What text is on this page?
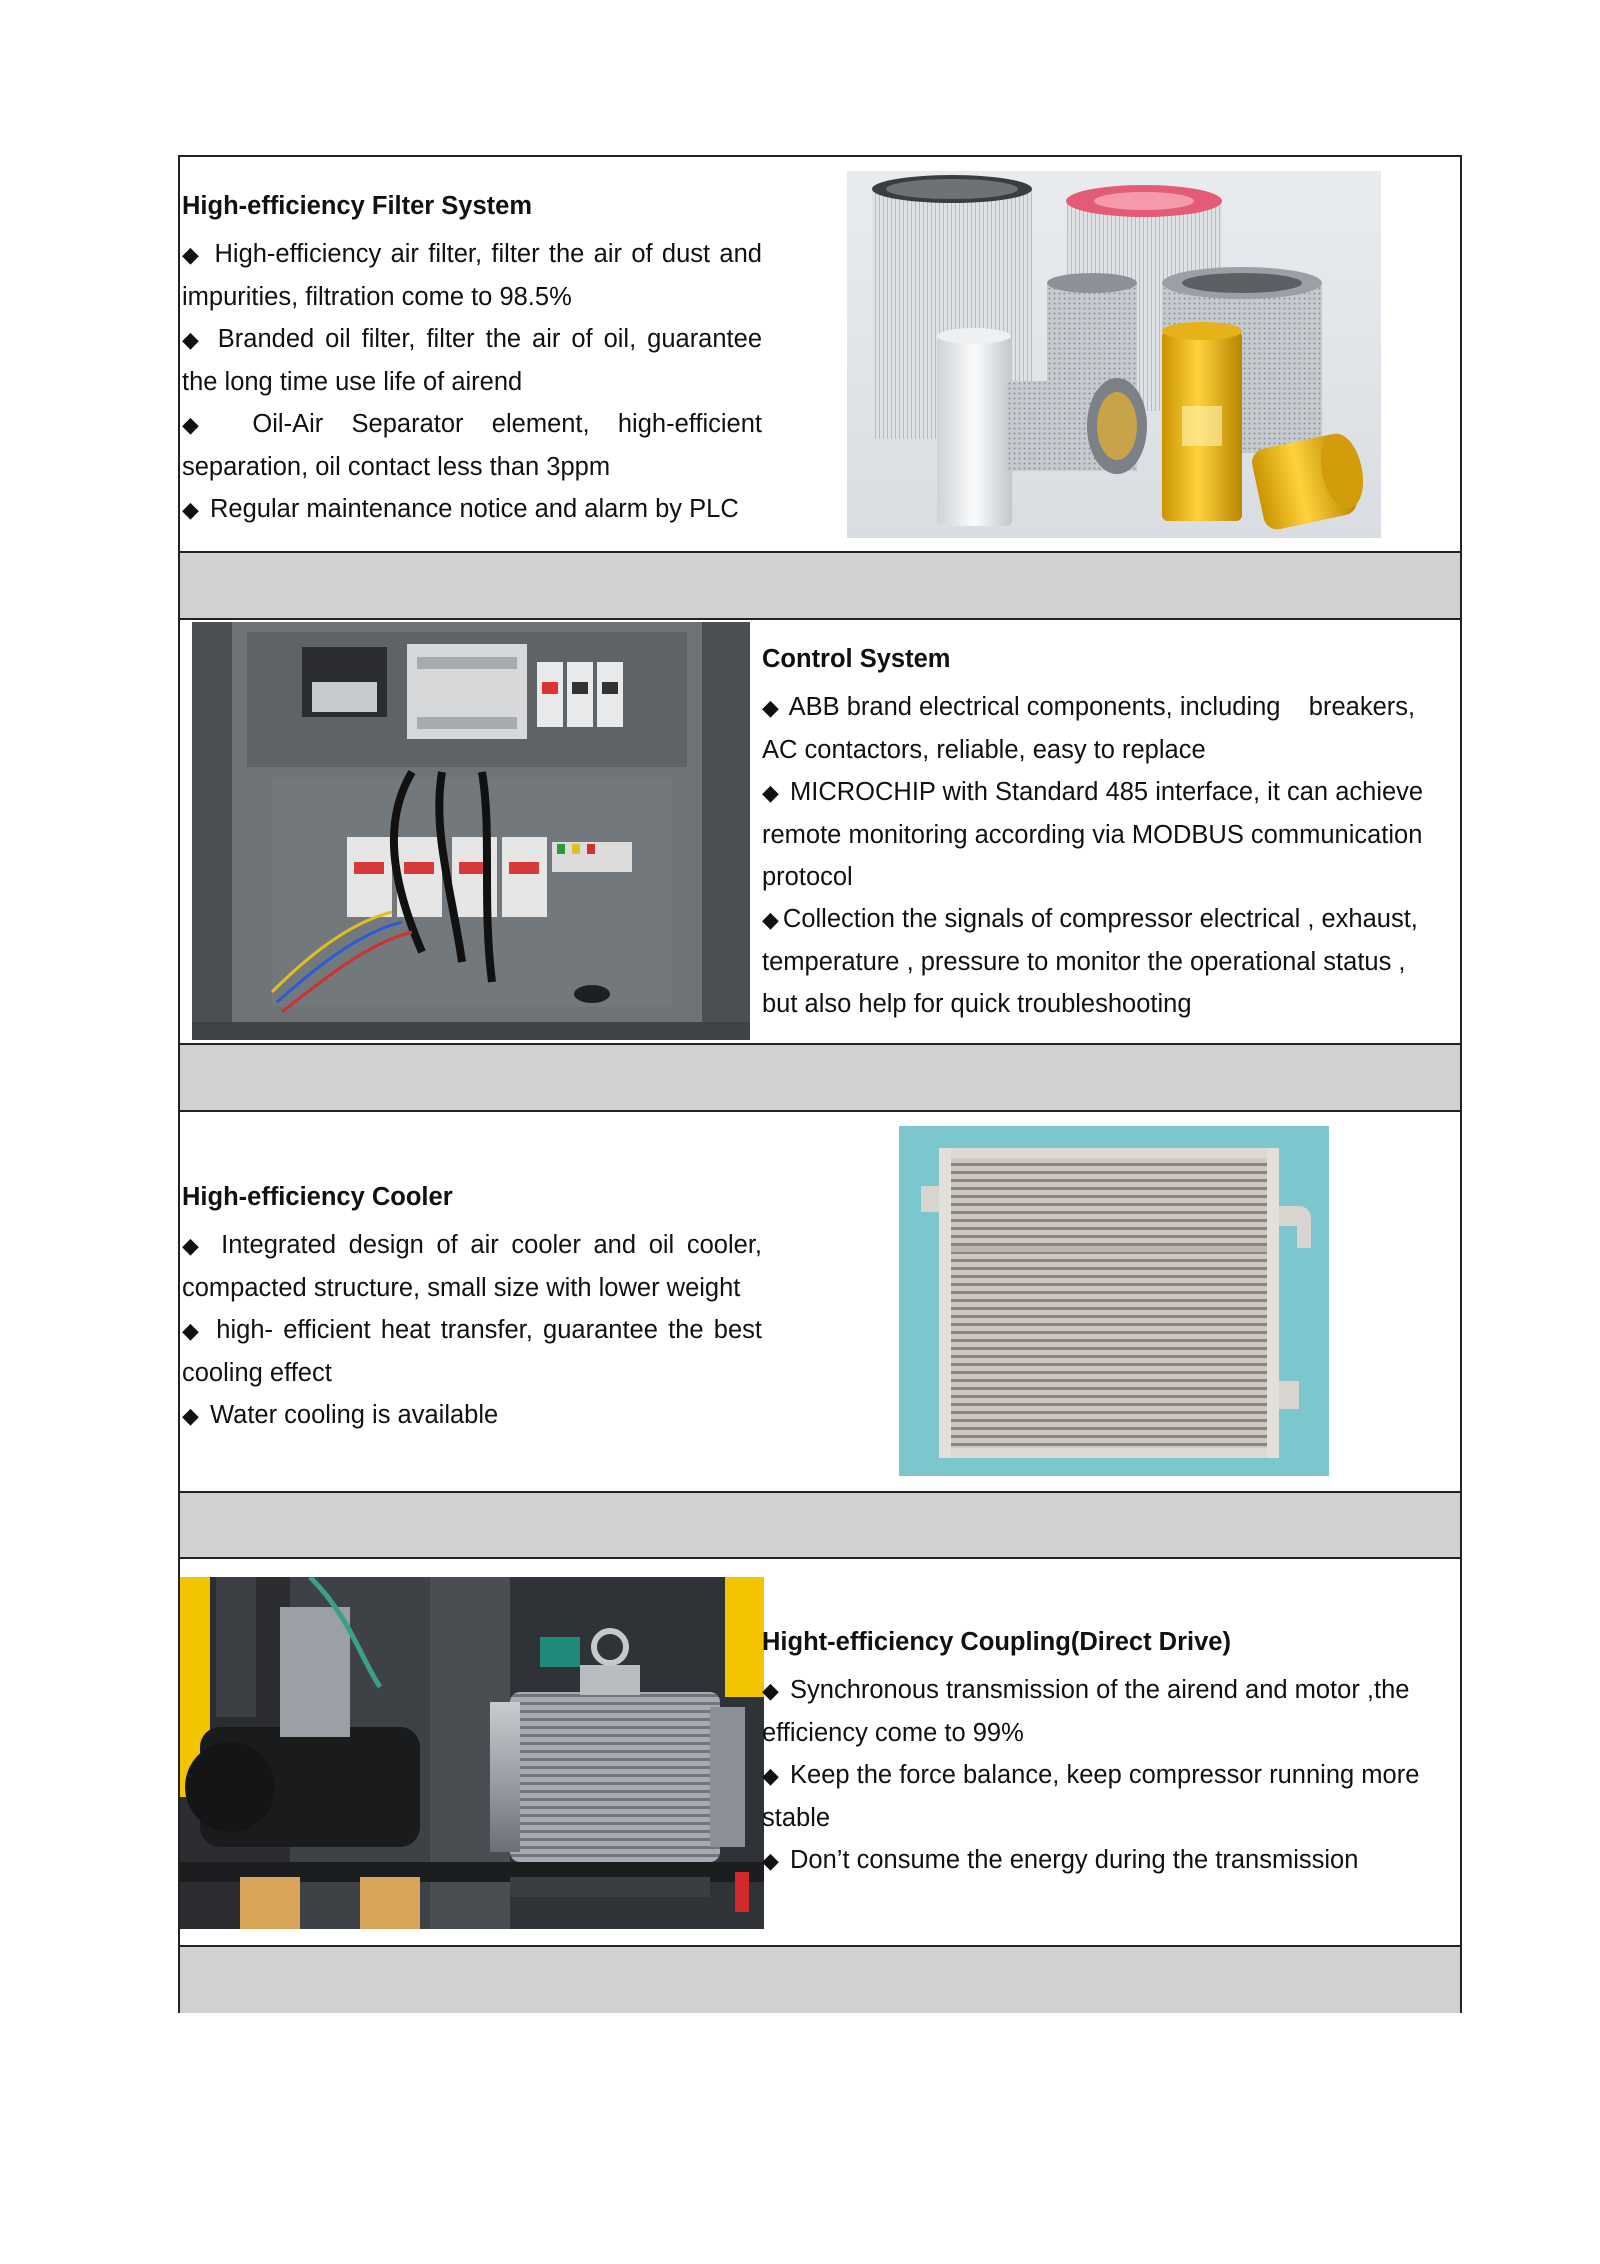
High-efficiency Filter System

◆ High-efficiency air filter, filter the air of dust and impurities, filtration come to 98.5%

◆ Branded oil filter, filter the air of oil, guarantee the long time use life of airend

◆ Oil-Air Separator element, high-efficient separation, oil contact less than 3ppm

◆ Regular maintenance notice and alarm by PLC

Control System

◆ ABB brand electrical components, including    breakers, AC contactors, reliable, easy to replace

◆ MICROCHIP with Standard 485 interface, it can achieve remote monitoring according via MODBUS communication protocol

◆ Collection the signals of compressor electrical , exhaust, temperature , pressure to monitor the operational status , but also help for quick troubleshooting

High-efficiency Cooler

◆ Integrated design of air cooler and oil cooler, compacted structure, small size with lower weight

◆ high- efficient heat transfer, guarantee the best cooling effect

◆ Water cooling is available

Hight-efficiency Coupling(Direct Drive)

◆ Synchronous transmission of the airend and motor ,the efficiency come to 99%

◆ Keep the force balance, keep compressor running more stable

◆ Don’t consume the energy during the transmission
